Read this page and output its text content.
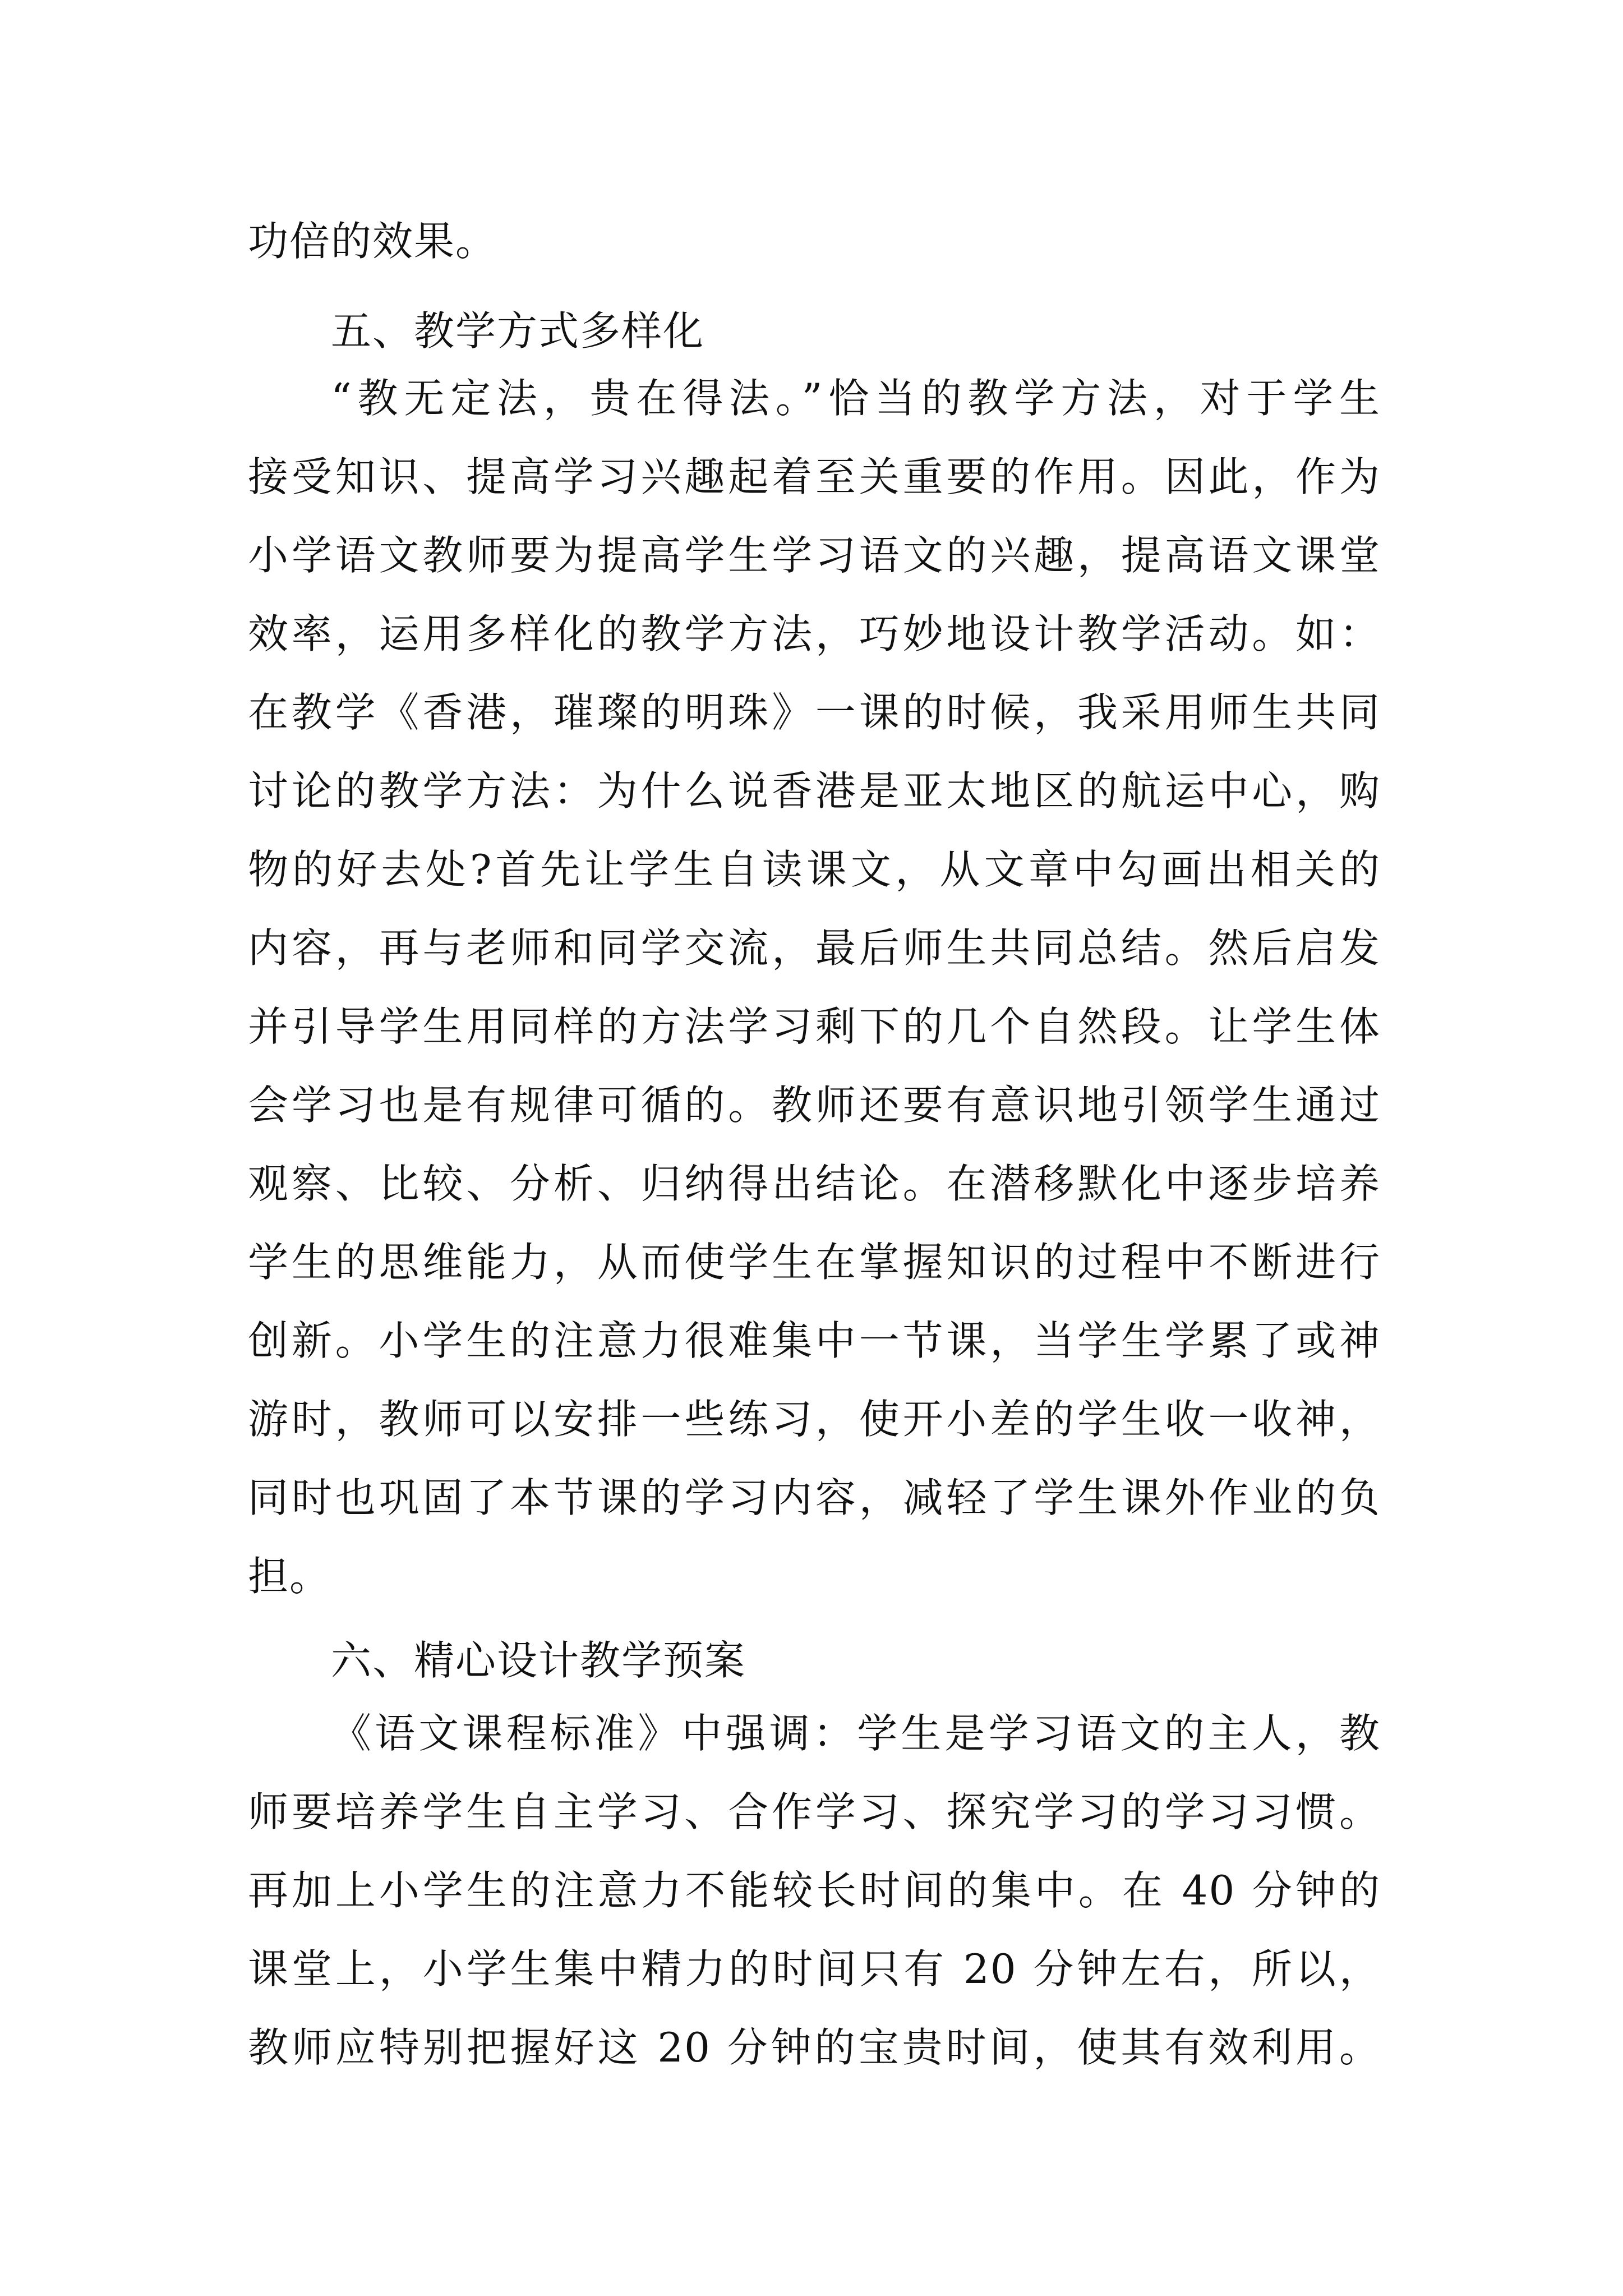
功倍的效果。
五、教学方式多样化
“教无定法，贵在得法。”恰当的教学方法，对于学生
接受知识、提高学习兴趣起着至关重要的作用。因此，作为
小学语文教师要为提高学生学习语文的兴趣，提高语文课堂
效率，运用多样化的教学方法，巧妙地设计教学活动。如：
在教学《香港，璀璨的明珠》一课的时候，我采用师生共同
讨论的教学方法：为什么说香港是亚太地区的航运中心，购
物的好去处?首先让学生自读课文，从文章中勾画出相关的
内容，再与老师和同学交流，最后师生共同总结。然后启发
并引导学生用同样的方法学习剩下的几个自然段。让学生体
会学习也是有规律可循的。教师还要有意识地引领学生通过
观察、比较、分析、归纳得出结论。在潜移默化中逐步培养
学生的思维能力，从而使学生在掌握知识的过程中不断进行
创新。小学生的注意力很难集中一节课，当学生学累了或神
游时，教师可以安排一些练习，使开小差的学生收一收神，
同时也巩固了本节课的学习内容，减轻了学生课外作业的负
担。
六、精心设计教学预案
《语文课程标准》中强调：学生是学习语文的主人，教
师要培养学生自主学习、合作学习、探究学习的学习习惯。
再加上小学生的注意力不能较长时间的集中。在 40 分钟的
课堂上，小学生集中精力的时间只有 20 分钟左右，所以，
教师应特别把握好这 20 分钟的宝贵时间，使其有效利用。
